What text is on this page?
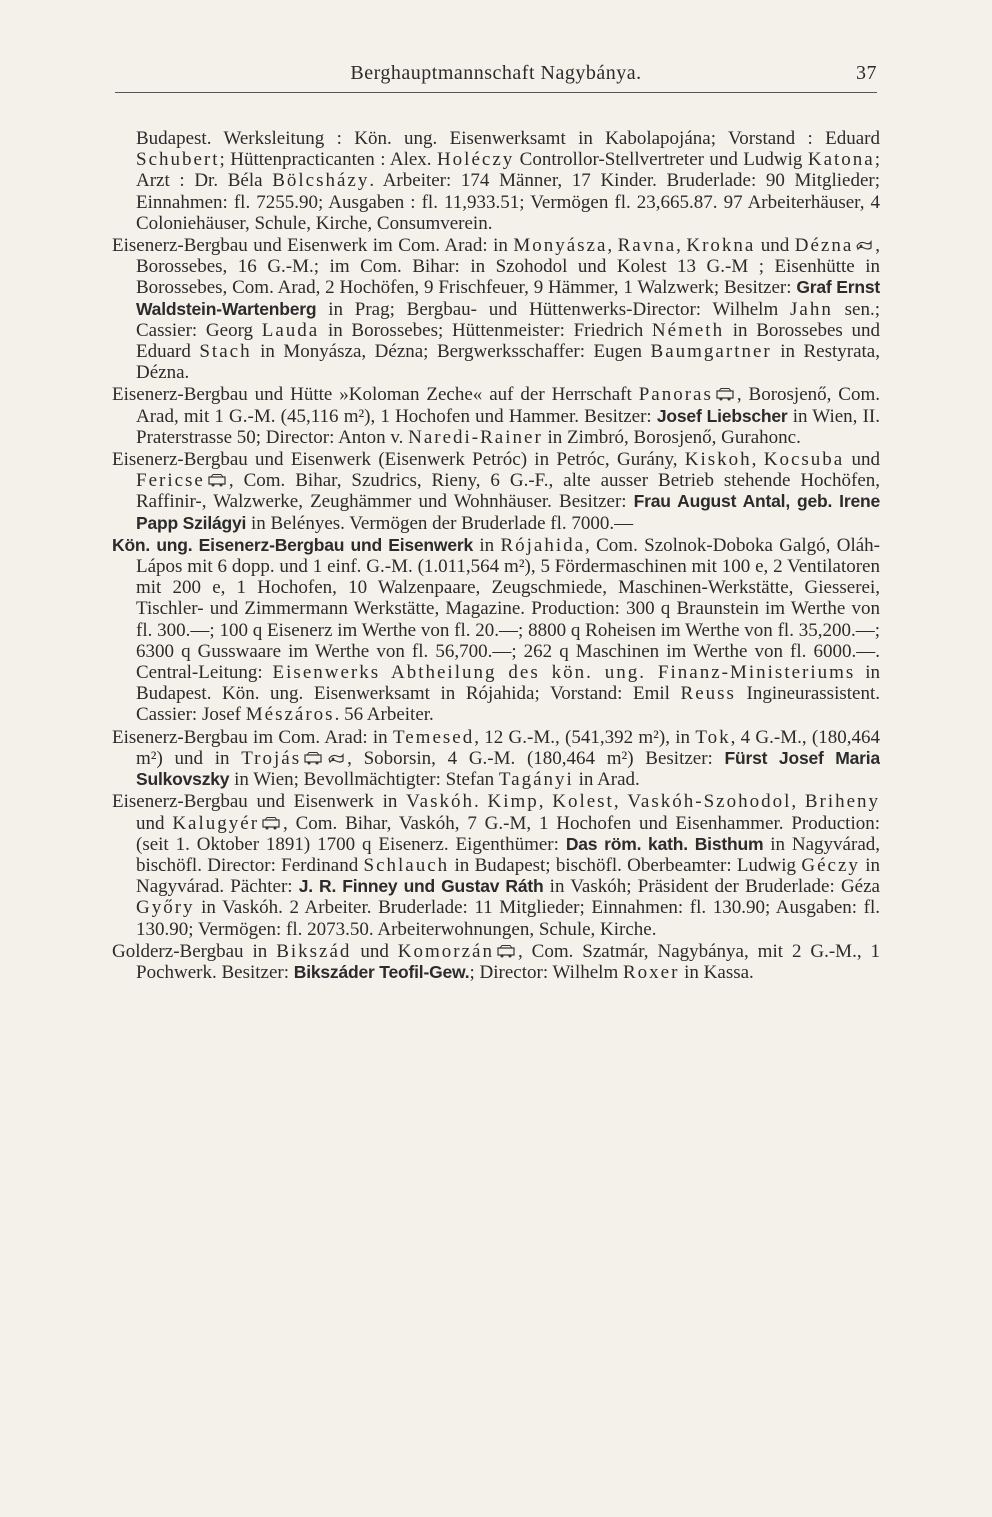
Berghauptmannschaft Nagybánya.	37

Budapest. Werksleitung : Kön. ung. Eisenwerksamt in Kabolapojána; Vorstand : Eduard Schubert; Hüttenpracticanten : Alex. Holéczy Controllor-Stellvertreter und Ludwig Katona; Arzt : Dr. Béla Bölcsházy. Arbeiter: 174 Männer, 17 Kinder. Bruderlade: 90 Mitglieder; Einnahmen: fl. 7255.90; Ausgaben : fl. 11,933.51; Vermögen fl. 23,665.87. 97 Arbeiterhäuser, 4 Coloniehäuser, Schule, Kirche, Consumverein.

Eisenerz-Bergbau und Eisenwerk im Com. Arad: in Monyásza, Ravna, Krokna und Dézna , Borossebes, 16 G.-M.; im Com. Bihar: in Szohodol und Kolest 13 G.-M ; Eisenhütte in Borossebes, Com. Arad, 2 Hochöfen, 9 Frischfeuer, 9 Hämmer, 1 Walzwerk; Besitzer: Graf Ernst Waldstein-Wartenberg in Prag; Bergbau- und Hüttenwerks-Director: Wilhelm Jahn sen.; Cassier: Georg Lauda in Borossebes; Hüttenmeister: Friedrich Németh in Borossebes und Eduard Stach in Monyásza, Dézna; Bergwerksschaffer: Eugen Baumgartner in Restyrata, Dézna.

Eisenerz-Bergbau und Hütte »Koloman Zeche« auf der Herrschaft Panoras , Borosjenő, Com. Arad, mit 1 G.-M. (45,116 m²), 1 Hochofen und Hammer. Besitzer: Josef Liebscher in Wien, II. Praterstrasse 50; Director: Anton v. Naredi-Rainer in Zimbró, Borosjenő, Gurahonc.

Eisenerz-Bergbau und Eisenwerk (Eisenwerk Petróc) in Petróc, Gurány, Kiskoh, Kocsuba und Fericse , Com. Bihar, Szudrics, Rieny, 6 G.-F., alte ausser Betrieb stehende Hochöfen, Raffinir-, Walzwerke, Zeughämmer und Wohnhäuser. Besitzer: Frau August Antal, geb. Irene Papp Szilágyi in Belényes. Vermögen der Bruderlade fl. 7000.—

Kön. ung. Eisenerz-Bergbau und Eisenwerk in Rójahida, Com. Szolnok-Doboka Galgó, Oláh-Lápos mit 6 dopp. und 1 einf. G.-M. (1.011,564 m²), 5 Fördermaschinen mit 100 e, 2 Ventilatoren mit 200 e, 1 Hochofen, 10 Walzenpaare, Zeugschmiede, Maschinen-Werkstätte, Giesserei, Tischler- und Zimmermann Werkstätte, Magazine. Production: 300 q Braunstein im Werthe von fl. 300.—; 100 q Eisenerz im Werthe von fl. 20.—; 8800 q Roheisen im Werthe von fl. 35,200.—; 6300 q Gusswaare im Werthe von fl. 56,700.—; 262 q Maschinen im Werthe von fl. 6000.—. Central-Leitung: Eisenwerks Abtheilung des kön. ung. Finanz-Ministeriums in Budapest. Kön. ung. Eisenwerksamt in Rójahida; Vorstand: Emil Reuss Ingineurassistent. Cassier: Josef Mészáros. 56 Arbeiter.

Eisenerz-Bergbau im Com. Arad: in Temesed, 12 G.-M., (541,392 m²), in Tok, 4 G.-M., (180,464 m²) und in Trojás , Soborsin, 4 G.-M. (180,464 m²) Besitzer: Fürst Josef Maria Sulkovszky in Wien; Bevollmächtigter: Stefan Tagányi in Arad.

Eisenerz-Bergbau und Eisenwerk in Vaskóh. Kimp, Kolest, Vaskóh-Szohodol, Briheny und Kalugyér , Com. Bihar, Vaskóh, 7 G.-M, 1 Hochofen und Eisenhammer. Production: (seit 1. Oktober 1891) 1700 q Eisenerz. Eigenthümer: Das röm. kath. Bisthum in Nagyvárad, bischöfl. Director: Ferdinand Schlauch in Budapest; bischöfl. Oberbeamter: Ludwig Géczy in Nagyvárad. Pächter: J. R. Finney und Gustav Ráth in Vaskóh; Präsident der Bruderlade: Géza Győry in Vaskóh. 2 Arbeiter. Bruderlade: 11 Mitglieder; Einnahmen: fl. 130.90; Ausgaben: fl. 130.90; Vermögen: fl. 2073.50. Arbeiterwohnungen, Schule, Kirche.

Golderz-Bergbau in Bikszád und Komorzán , Com. Szatmár, Nagybánya, mit 2 G.-M., 1 Pochwerk. Besitzer: Bikszáder Teofil-Gew.; Director: Wilhelm Roxer in Kassa.
